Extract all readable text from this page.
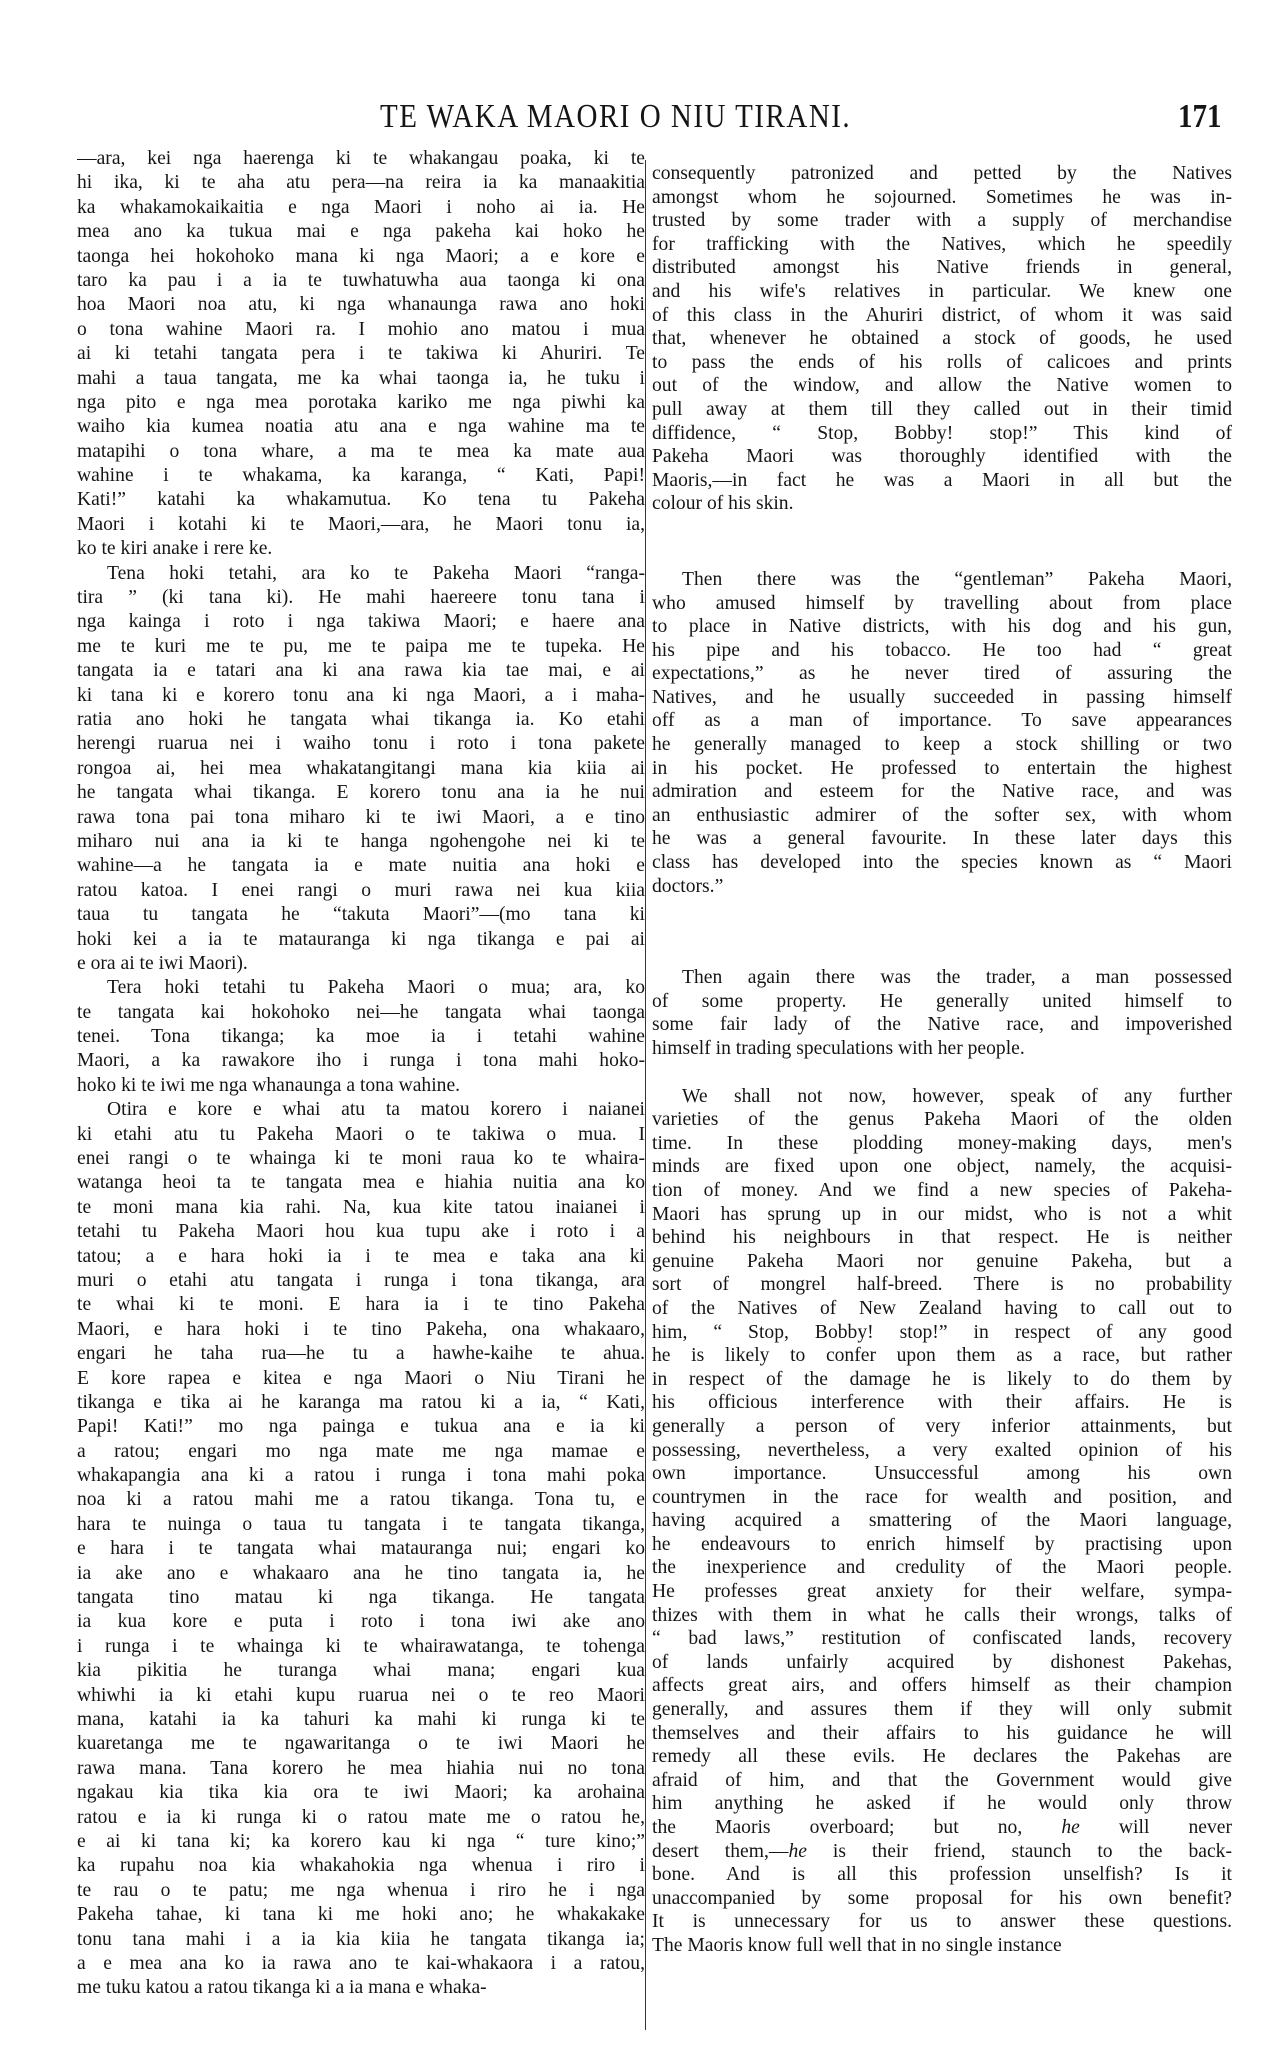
TE WAKA MAORI O NIU TIRANI.	171
—ara, kei nga haerenga ki te whakangau poaka, ki te
hi ika, ki te aha atu pera—na reira ia ka manaakitia
ka whakamokaikaitia e nga Maori i noho ai ia. He
mea ano ka tukua mai e nga pakeha kai hoko he
taonga hei hokohoko mana ki nga Maori; a e kore e
taro ka pau i a ia te tuwhatuwha aua taonga ki ona
hoa Maori noa atu, ki nga whanaunga rawa ano hoki
o tona wahine Maori ra. I mohio ano matou i mua
ai ki tetahi tangata pera i te takiwa ki Ahuriri. Te
mahi a taua tangata, me ka whai taonga ia, he tuku i
nga pito e nga mea porotaka kariko me nga piwhi ka
waiho kia kumea noatia atu ana e nga wahine ma te
matapihi o tona whare, a ma te mea ka mate aua
wahine i te whakama, ka karanga, “ Kati, Papi!
Kati!” katahi ka whakamutua. Ko tena tu Pakeha
Maori i kotahi ki te Maori,—ara, he Maori tonu ia,
ko te kiri anake i rere ke.
Tena hoki tetahi, ara ko te Pakeha Maori “ranga-
tira ” (ki tana ki). He mahi haereere tonu tana i
nga kainga i roto i nga takiwa Maori; e haere ana
me te kuri me te pu, me te paipa me te tupeka. He
tangata ia e tatari ana ki ana rawa kia tae mai, e ai
ki tana ki e korero tonu ana ki nga Maori, a i maha-
ratia ano hoki he tangata whai tikanga ia. Ko etahi
herengi ruarua nei i waiho tonu i roto i tona pakete
rongoa ai, hei mea whakatangitangi mana kia kiia ai
he tangata whai tikanga. E korero tonu ana ia he nui
rawa tona pai tona miharo ki te iwi Maori, a e tino
miharo nui ana ia ki te hanga ngohengohe nei ki te
wahine—a he tangata ia e mate nuitia ana hoki e
ratou katoa. I enei rangi o muri rawa nei kua kiia
taua tu tangata he “takuta Maori”—(mo tana ki
hoki kei a ia te matauranga ki nga tikanga e pai ai
e ora ai te iwi Maori).
Tera hoki tetahi tu Pakeha Maori o mua; ara, ko
te tangata kai hokohoko nei—he tangata whai taonga
tenei. Tona tikanga; ka moe ia i tetahi wahine
Maori, a ka rawakore iho i runga i tona mahi hoko-
hoko ki te iwi me nga whanaunga a tona wahine.
Otira e kore e whai atu ta matou korero i naianei
ki etahi atu tu Pakeha Maori o te takiwa o mua. I
enei rangi o te whainga ki te moni raua ko te whaira-
watanga heoi ta te tangata mea e hiahia nuitia ana ko
te moni mana kia rahi. Na, kua kite tatou inaianei i
tetahi tu Pakeha Maori hou kua tupu ake i roto i a
tatou; a e hara hoki ia i te mea e taka ana ki
muri o etahi atu tangata i runga i tona tikanga, ara
te whai ki te moni. E hara ia i te tino Pakeha
Maori, e hara hoki i te tino Pakeha, ona whakaaro,
engari he taha rua—he tu a hawhe-kaihe te ahua.
E kore rapea e kitea e nga Maori o Niu Tirani he
tikanga e tika ai he karanga ma ratou ki a ia, “ Kati,
Papi! Kati!” mo nga painga e tukua ana e ia ki
a ratou; engari mo nga mate me nga mamae e
whakapangia ana ki a ratou i runga i tona mahi poka
noa ki a ratou mahi me a ratou tikanga. Tona tu, e
hara te nuinga o taua tu tangata i te tangata tikanga,
e hara i te tangata whai matauranga nui; engari ko
ia ake ano e whakaaro ana he tino tangata ia, he
tangata tino matau ki nga tikanga. He tangata
ia kua kore e puta i roto i tona iwi ake ano
i runga i te whainga ki te whairawatanga, te tohenga
kia pikitia he turanga whai mana; engari kua
whiwhi ia ki etahi kupu ruarua nei o te reo Maori
mana, katahi ia ka tahuri ka mahi ki runga ki te
kuaretanga me te ngawaritanga o te iwi Maori he
rawa mana. Tana korero he mea hiahia nui no tona
ngakau kia tika kia ora te iwi Maori; ka arohaina
ratou e ia ki runga ki o ratou mate me o ratou he,
e ai ki tana ki; ka korero kau ki nga “ ture kino;”
ka rupahu noa kia whakahokia nga whenua i riro i
te rau o te patu; me nga whenua i riro he i nga
Pakeha tahae, ki tana ki me hoki ano; he whakakake
tonu tana mahi i a ia kia kiia he tangata tikanga ia;
a e mea ana ko ia rawa ano te kai-whakaora i a ratou,
me tuku katou a ratou tikanga ki a ia mana e whaka-
consequently patronized and petted by the Natives
amongst whom he sojourned. Sometimes he was in-
trusted by some trader with a supply of merchandise
for trafficking with the Natives, which he speedily
distributed amongst his Native friends in general,
and his wife's relatives in particular. We knew one
of this class in the Ahuriri district, of whom it was said
that, whenever he obtained a stock of goods, he used
to pass the ends of his rolls of calicoes and prints
out of the window, and allow the Native women to
pull away at them till they called out in their timid
diffidence, “ Stop, Bobby! stop!” This kind of
Pakeha Maori was thoroughly identified with the
Maoris,—in fact he was a Maori in all but the
colour of his skin.
Then there was the “gentleman” Pakeha Maori,
who amused himself by travelling about from place
to place in Native districts, with his dog and his gun,
his pipe and his tobacco. He too had “ great
expectations,” as he never tired of assuring the
Natives, and he usually succeeded in passing himself
off as a man of importance. To save appearances
he generally managed to keep a stock shilling or two
in his pocket. He professed to entertain the highest
admiration and esteem for the Native race, and was
an enthusiastic admirer of the softer sex, with whom
he was a general favourite. In these later days this
class has developed into the species known as “ Maori
doctors.”
Then again there was the trader, a man possessed
of some property. He generally united himself to
some fair lady of the Native race, and impoverished
himself in trading speculations with her people.
We shall not now, however, speak of any further
varieties of the genus Pakeha Maori of the olden
time. In these plodding money-making days, men's
minds are fixed upon one object, namely, the acquisi-
tion of money. And we find a new species of Pakeha-
Maori has sprung up in our midst, who is not a whit
behind his neighbours in that respect. He is neither
genuine Pakeha Maori nor genuine Pakeha, but a
sort of mongrel half-breed. There is no probability
of the Natives of New Zealand having to call out to
him, “ Stop, Bobby! stop!” in respect of any good
he is likely to confer upon them as a race, but rather
in respect of the damage he is likely to do them by
his officious interference with their affairs. He is
generally a person of very inferior attainments, but
possessing, nevertheless, a very exalted opinion of his
own importance. Unsuccessful among his own
countrymen in the race for wealth and position, and
having acquired a smattering of the Maori language,
he endeavours to enrich himself by practising upon
the inexperience and credulity of the Maori people.
He professes great anxiety for their welfare, sympa-
thizes with them in what he calls their wrongs, talks of
“ bad laws,” restitution of confiscated lands, recovery
of lands unfairly acquired by dishonest Pakehas,
affects great airs, and offers himself as their champion
generally, and assures them if they will only submit
themselves and their affairs to his guidance he will
remedy all these evils. He declares the Pakehas are
afraid of him, and that the Government would give
him anything he asked if he would only throw
the Maoris overboard; but no, he will never
desert them,—he is their friend, staunch to the back-
bone. And is all this profession unselfish? Is it
unaccompanied by some proposal for his own benefit?
It is unnecessary for us to answer these questions.
The Maoris know full well that in no single instance
